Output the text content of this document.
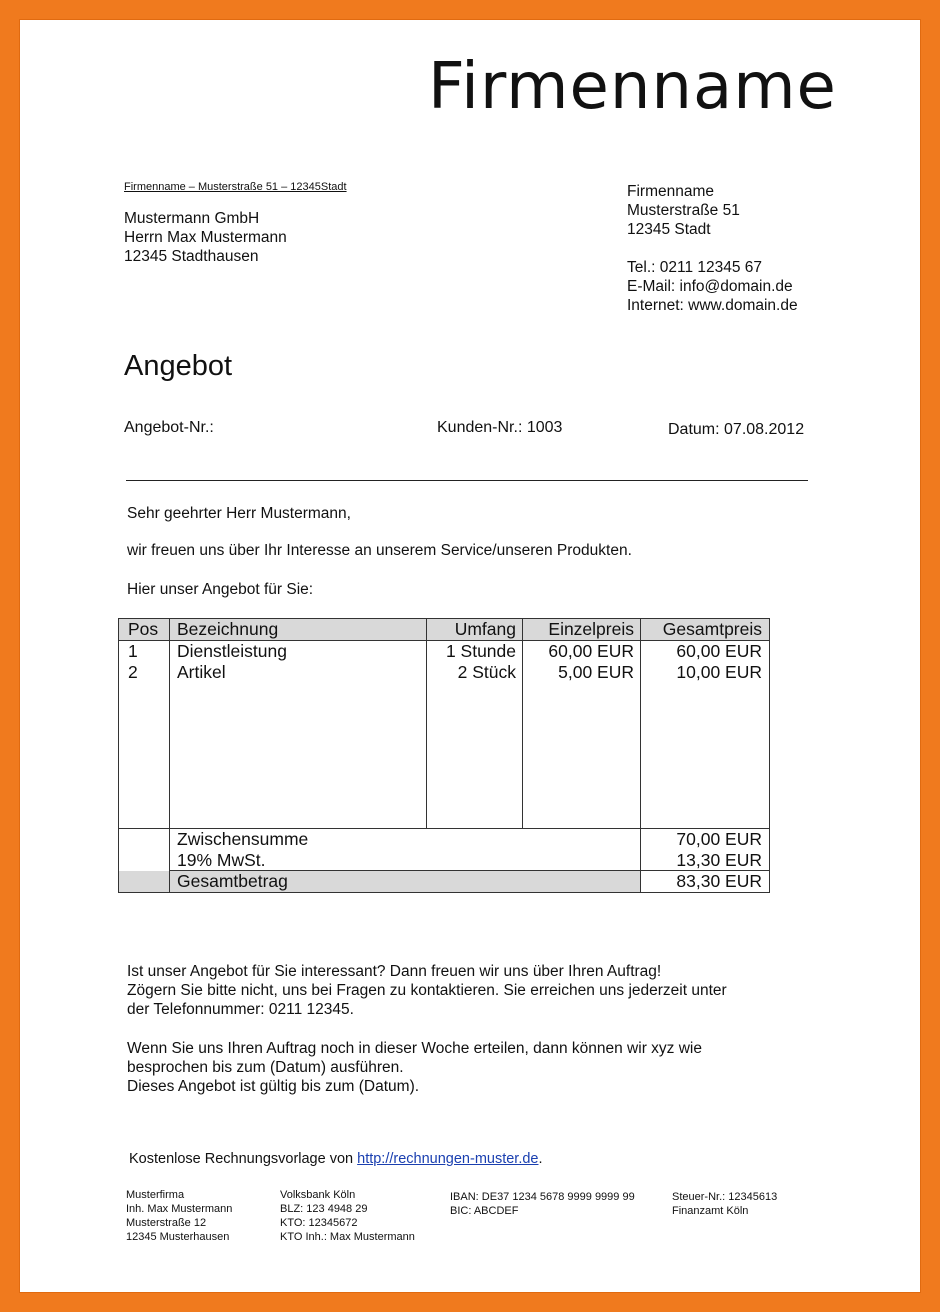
Firmenname
Firmenname – Musterstraße 51 – 12345Stadt
Mustermann GmbH
Herrn Max Mustermann
12345 Stadthausen
Firmenname
Musterstraße 51
12345 Stadt
Tel.: 0211 12345 67
E-Mail: info@domain.de
Internet: www.domain.de
Angebot
Angebot-Nr.:	Kunden-Nr.: 1003	Datum: 07.08.2012
Sehr geehrter Herr Mustermann,
wir freuen uns über Ihr Interesse an unserem Service/unseren Produkten.
Hier unser Angebot für Sie:
Pos Bezeichnung	Umfang	Einzelpreis	Gesamtpreis
1 Dienstleistung	1 Stunde	60,00 EUR	60,00 EUR
2 Artikel	2 Stück	5,00 EUR	10,00 EUR
Zwischensumme	70,00 EUR
19% MwSt.	13,30 EUR
Gesamtbetrag	83,30 EUR
Ist unser Angebot für Sie interessant? Dann freuen wir uns über Ihren Auftrag!
Zögern Sie bitte nicht, uns bei Fragen zu kontaktieren. Sie erreichen uns jederzeit unter
der Telefonnummer: 0211 12345.
Wenn Sie uns Ihren Auftrag noch in dieser Woche erteilen, dann können wir xyz wie
besprochen bis zum (Datum) ausführen.
Dieses Angebot ist gültig bis zum (Datum).
Kostenlose Rechnungsvorlage von http://rechnungen-muster.de.
Musterfirma
Inh. Max Mustermann
Musterstraße 12
12345 Musterhausen
Volksbank Köln
BLZ: 123 4948 29
KTO: 12345672
KTO Inh.: Max Mustermann
IBAN: DE37 1234 5678 9999 9999 99
BIC: ABCDEF
Steuer-Nr.: 12345613
Finanzamt Köln
